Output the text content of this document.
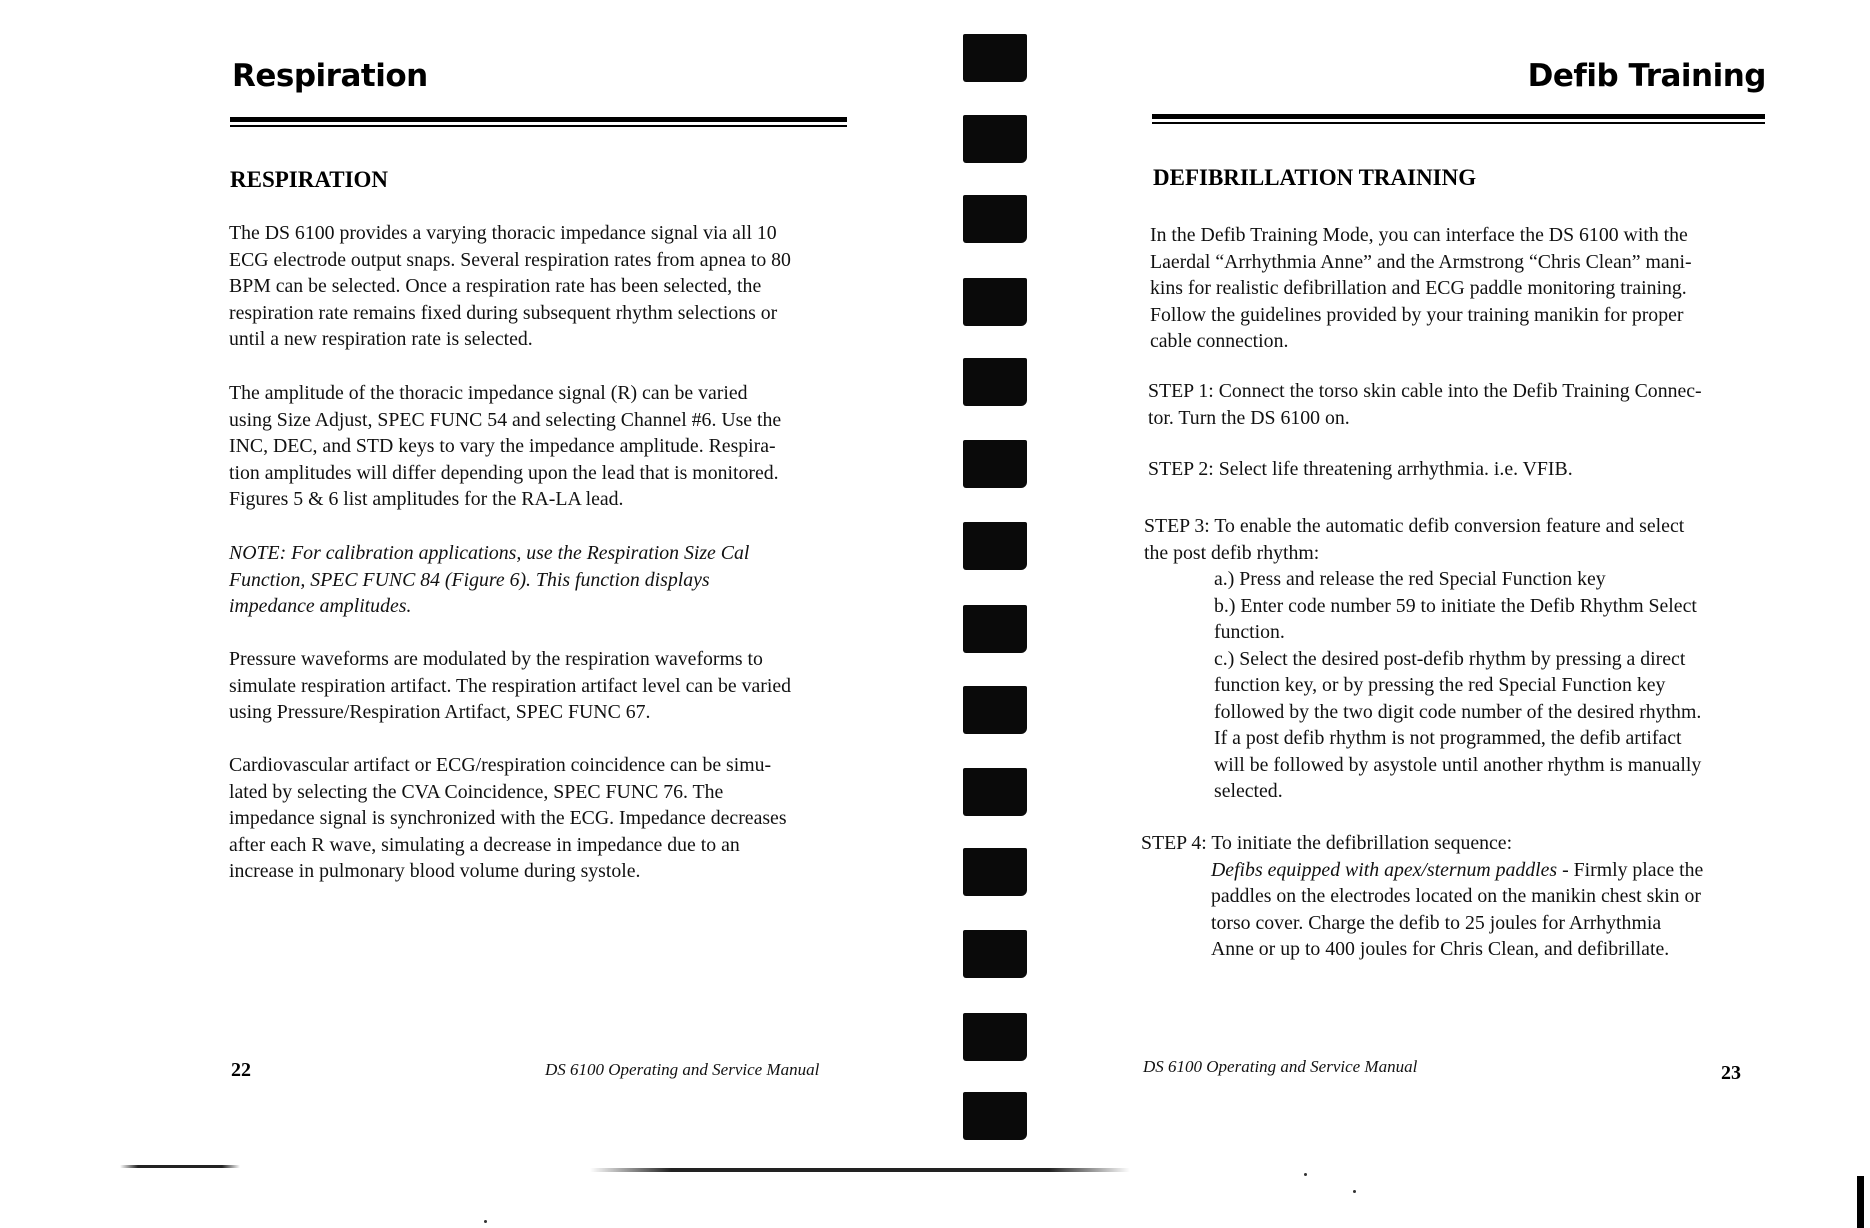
Respiration
RESPIRATION
The DS 6100 provides a varying thoracic impedance signal via all 10
ECG electrode output snaps. Several respiration rates from apnea to 80
BPM can be selected. Once a respiration rate has been selected, the
respiration rate remains fixed during subsequent rhythm selections or
until a new respiration rate is selected.
The amplitude of the thoracic impedance signal (R) can be varied
using Size Adjust, SPEC FUNC 54 and selecting Channel #6. Use the
INC, DEC, and STD keys to vary the impedance amplitude. Respira-
tion amplitudes will differ depending upon the lead that is monitored.
Figures 5 & 6 list amplitudes for the RA-LA lead.
NOTE: For calibration applications, use the Respiration Size Cal
Function, SPEC FUNC 84 (Figure 6). This function displays
impedance amplitudes.
Pressure waveforms are modulated by the respiration waveforms to
simulate respiration artifact. The respiration artifact level can be varied
using Pressure/Respiration Artifact, SPEC FUNC 67.
Cardiovascular artifact or ECG/respiration coincidence can be simu-
lated by selecting the CVA Coincidence, SPEC FUNC 76. The
impedance signal is synchronized with the ECG. Impedance decreases
after each R wave, simulating a decrease in impedance due to an
increase in pulmonary blood volume during systole.
22	DS 6100 Operating and Service Manual
Defib Training
DEFIBRILLATION TRAINING
In the Defib Training Mode, you can interface the DS 6100 with the
Laerdal “Arrhythmia Anne” and the Armstrong “Chris Clean” mani-
kins for realistic defibrillation and ECG paddle monitoring training.
Follow the guidelines provided by your training manikin for proper
cable connection.
STEP 1: Connect the torso skin cable into the Defib Training Connec-
tor. Turn the DS 6100 on.
STEP 2: Select life threatening arrhythmia. i.e. VFIB.
STEP 3: To enable the automatic defib conversion feature and select
the post defib rhythm:
a.) Press and release the red Special Function key
b.) Enter code number 59 to initiate the Defib Rhythm Select
function.
c.) Select the desired post-defib rhythm by pressing a direct
function key, or by pressing the red Special Function key
followed by the two digit code number of the desired rhythm.
If a post defib rhythm is not programmed, the defib artifact
will be followed by asystole until another rhythm is manually
selected.
STEP 4: To initiate the defibrillation sequence:
Defibs equipped with apex/sternum paddles - Firmly place the
paddles on the electrodes located on the manikin chest skin or
torso cover. Charge the defib to 25 joules for Arrhythmia
Anne or up to 400 joules for Chris Clean, and defibrillate.
DS 6100 Operating and Service Manual	23
